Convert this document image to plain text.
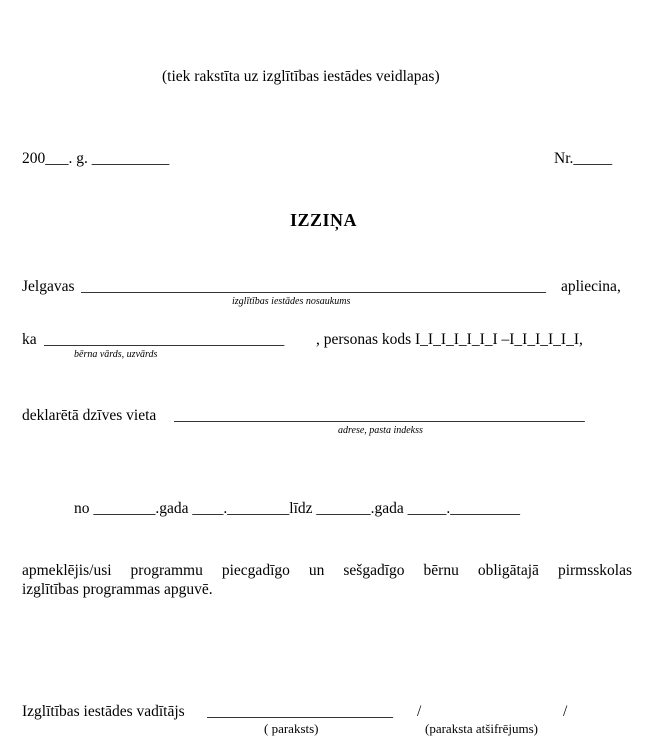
(tiek rakstīta uz izglītības iestādes veidlapas)
200___. g. __________	Nr._____
IZZIŅA
Jelgavas ____________________________________________________________ apliecina,
izglītības iestādes nosaukums
ka _______________________________	, personas kods I_I_I_I_I_I_I –I_I_I_I_I_I,
bērna vārds, uzvārds
deklarētā dzīves vieta _____________________________________________________
adrese, pasta indekss
no ________.gada ____.________līdz _______.gada _____._________
apmeklējis/usi programmu piecgadīgo un sešgadīgo bērnu obligātajā pirmsskolas
izglītības programmas apguvē.
Izglītības iestādes vadītājs ________________________	/	/
( paraksts)	(paraksta atšifrējums)
